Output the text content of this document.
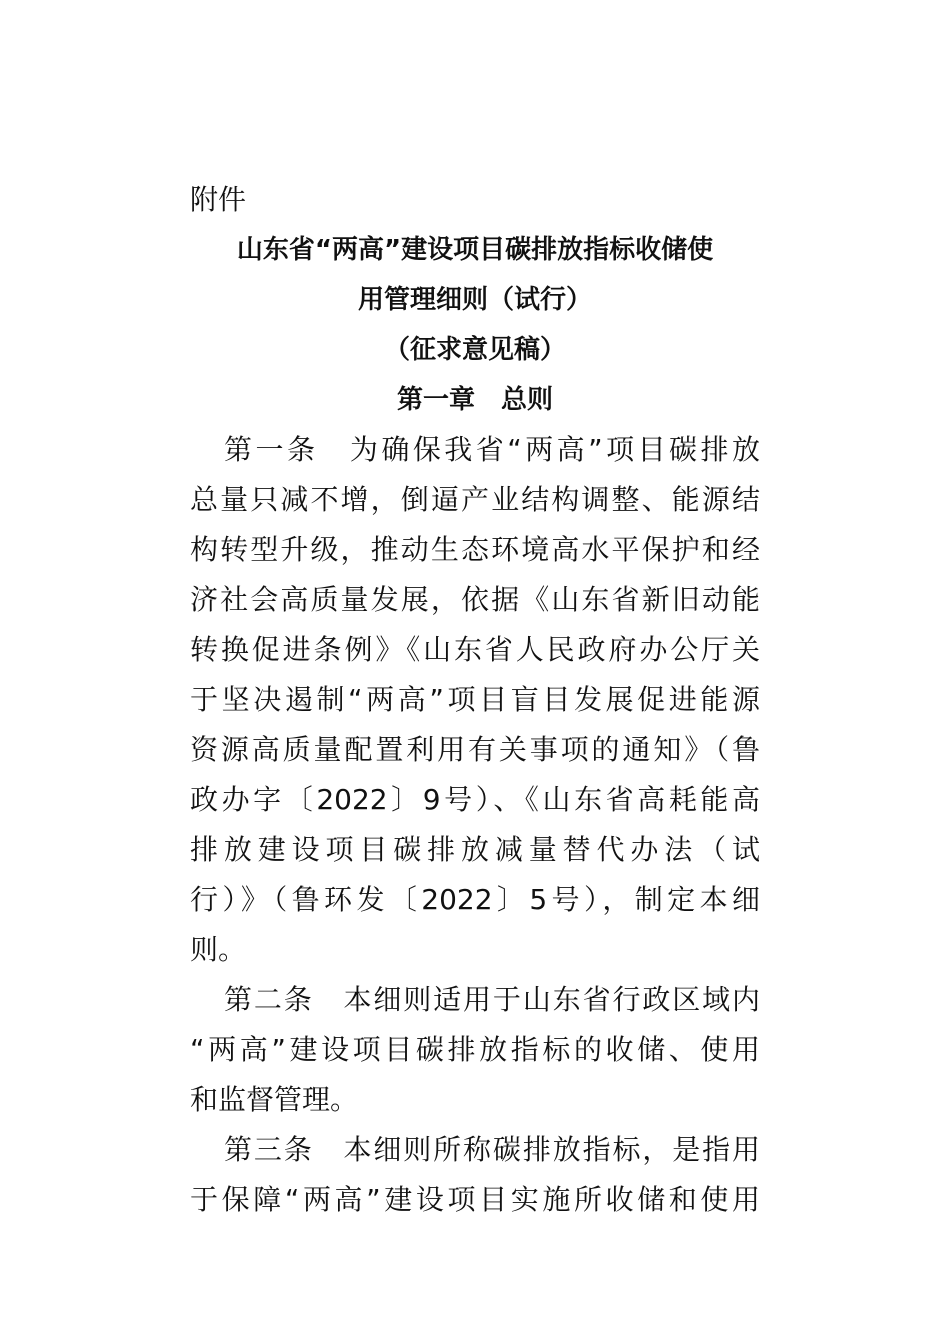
附件
山东省“两高”建设项目碳排放指标收储使
用管理细则（试行）
（征求意见稿）
第一章　总则
第一条　为确保我省“两高”项目碳排放
总量只减不增，倒逼产业结构调整、能源结
构转型升级，推动生态环境高水平保护和经
济社会高质量发展，依据《山东省新旧动能
转换促进条例》《山东省人民政府办公厅关
于坚决遏制“两高”项目盲目发展促进能源
资源高质量配置利用有关事项的通知》（鲁
政办字〔2022〕9号）、《山东省高耗能高
排放建设项目碳排放减量替代办法（试
行）》（鲁环发〔2022〕5号），制定本细
则。
第二条　本细则适用于山东省行政区域内
“两高”建设项目碳排放指标的收储、使用
和监督管理。
第三条　本细则所称碳排放指标，是指用
于保障“两高”建设项目实施所收储和使用
